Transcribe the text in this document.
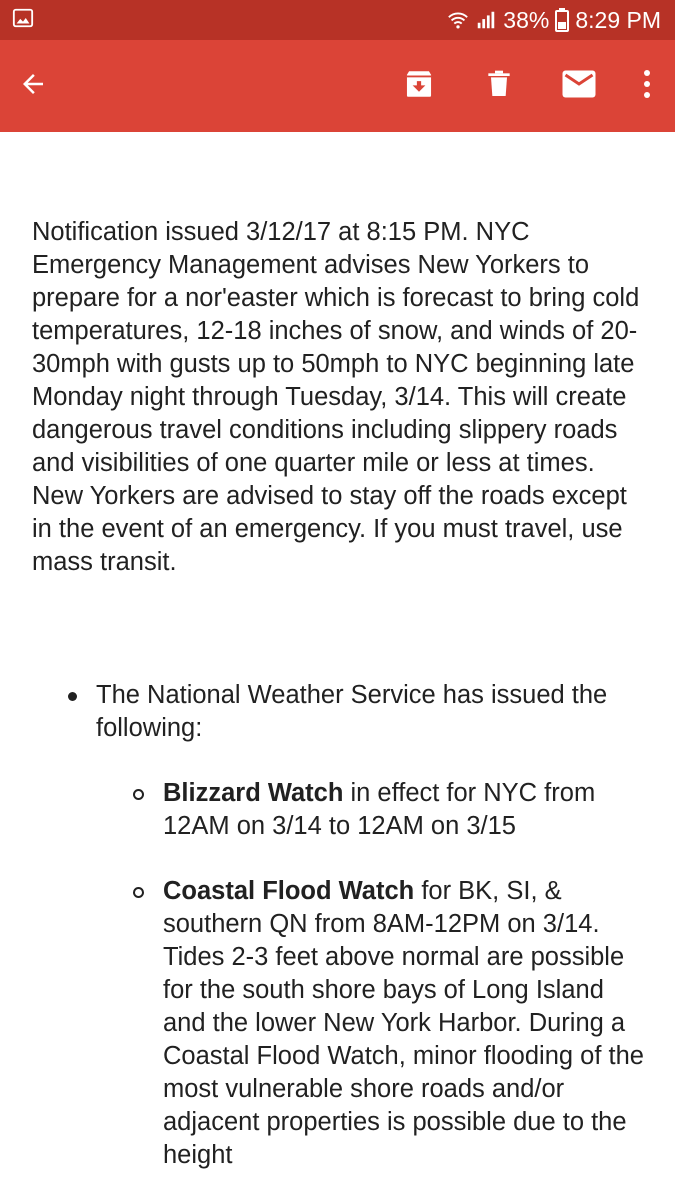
38% 8:29 PM

Notification issued 3/12/17 at 8:15 PM. NYC Emergency Management advises New Yorkers to prepare for a nor'easter which is forecast to bring cold temperatures, 12-18 inches of snow, and winds of 20-30mph with gusts up to 50mph to NYC beginning late Monday night through Tuesday, 3/14. This will create dangerous travel conditions including slippery roads and visibilities of one quarter mile or less at times. New Yorkers are advised to stay off the roads except in the event of an emergency. If you must travel, use mass transit.

The National Weather Service has issued the following:
Blizzard Watch in effect for NYC from 12AM on 3/14 to 12AM on 3/15
Coastal Flood Watch for BK, SI, & southern QN from 8AM-12PM on 3/14. Tides 2-3 feet above normal are possible for the south shore bays of Long Island and the lower New York Harbor. During a Coastal Flood Watch, minor flooding of the most vulnerable shore roads and/or adjacent properties is possible due to the height
